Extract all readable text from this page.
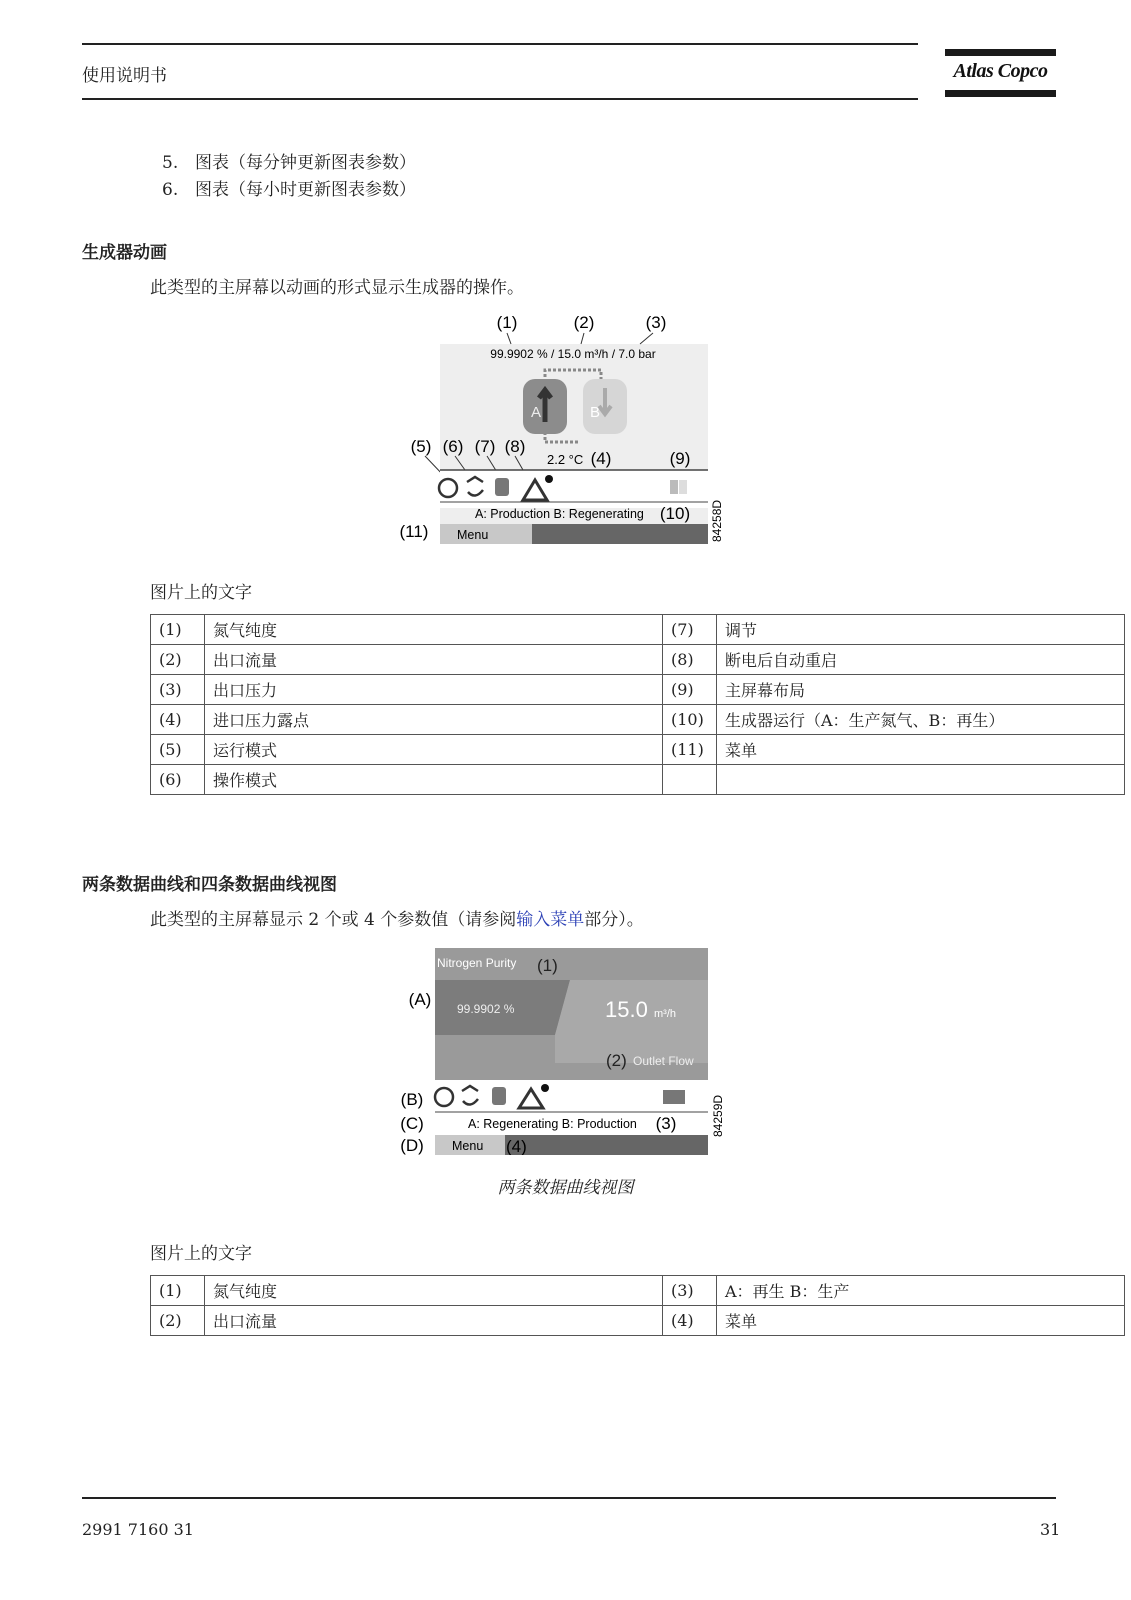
使用说明书	Atlas Copco
5. 图表（每分钟更新图表参数）
6. 图表（每小时更新图表参数）
生成器动画
此类型的主屏幕以动画的形式显示生成器的操作。
(1)	(2)	(3)
99.9902 % / 15.0 m³/h / 7.0 bar
A	B
(5) (6) (7) (8)
2.2 °C (4)	(9)
A: Production B: Regenerating (10)
Menu
(11)	84258D
图片上的文字
(1)	氮气纯度	(7)	调节
(2)	出口流量	(8)	断电后自动重启
(3)	出口压力	(9)	主屏幕布局
(4)	进口压力露点	(10)	生成器运行（A：生产氮气、B：再生）
(5)	运行模式	(11)	菜单
(6)	操作模式		
两条数据曲线和四条数据曲线视图
此类型的主屏幕显示 2 个或 4 个参数值（请参阅输入菜单部分）。
Nitrogen Purity (1)
(A) 99.9902 %	15.0 m³/h
(2) Outlet Flow
(B)
(C)	A: Regenerating B: Production (3)
Menu (4)
(D)
84259D
两条数据曲线视图
图片上的文字
(1)	氮气纯度	(3)	A：再生 B：生产
(2)	出口流量	(4)	菜单
2991 7160 31	31
